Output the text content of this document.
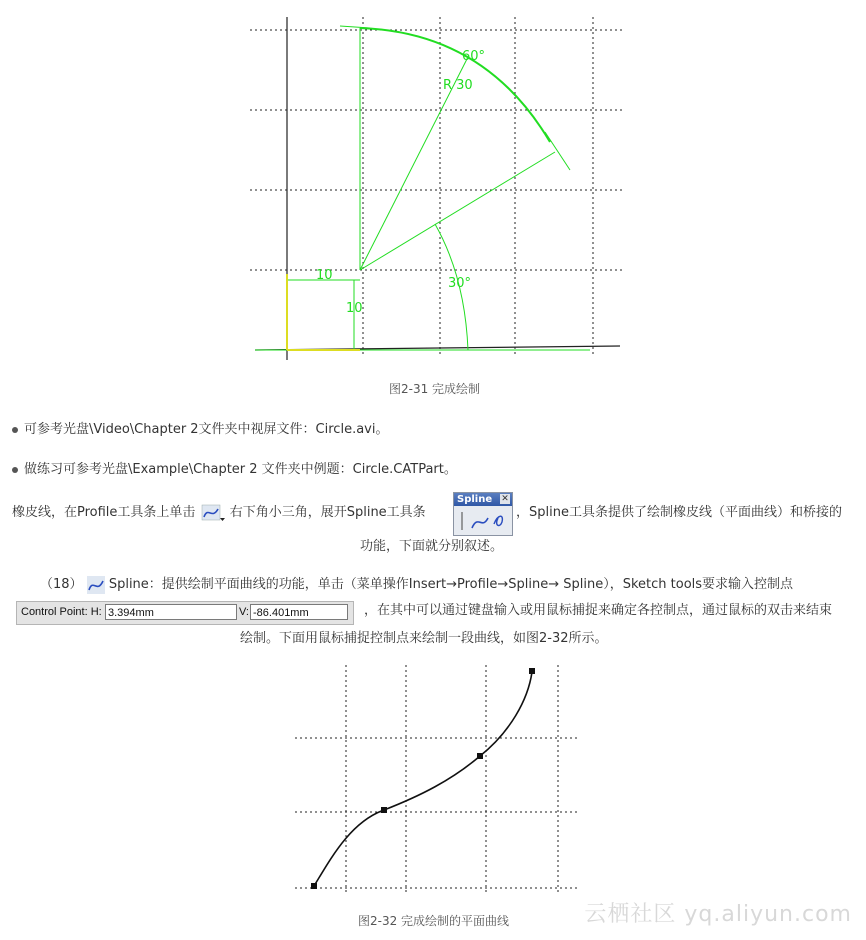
60°
R 30
10
10
30°
图2-31 完成绘制
可参考光盘\Video\Chapter 2文件夹中视屏文件：Circle.avi。
做练习可参考光盘\Example\Chapter 2 文件夹中例题：Circle.CATPart。
橡皮线，在Profile工具条上单击	右下角小三角，展开Spline工具条
Spline ✕
，Spline工具条提供了绘制橡皮线（平面曲线）和桥接的
功能，下面就分别叙述。
（18） Spline：提供绘制平面曲线的功能，单击（菜单操作Insert→Profile→Spline→ Spline），Sketch tools要求输入控制点
Control Point: H: 3.394mm	V: -86.401mm	，在其中可以通过键盘输入或用鼠标捕捉来确定各控制点，通过鼠标的双击来结束
绘制。下面用鼠标捕捉控制点来绘制一段曲线，如图2-32所示。
图2-32 完成绘制的平面曲线	云栖社区 yq.aliyun.com
